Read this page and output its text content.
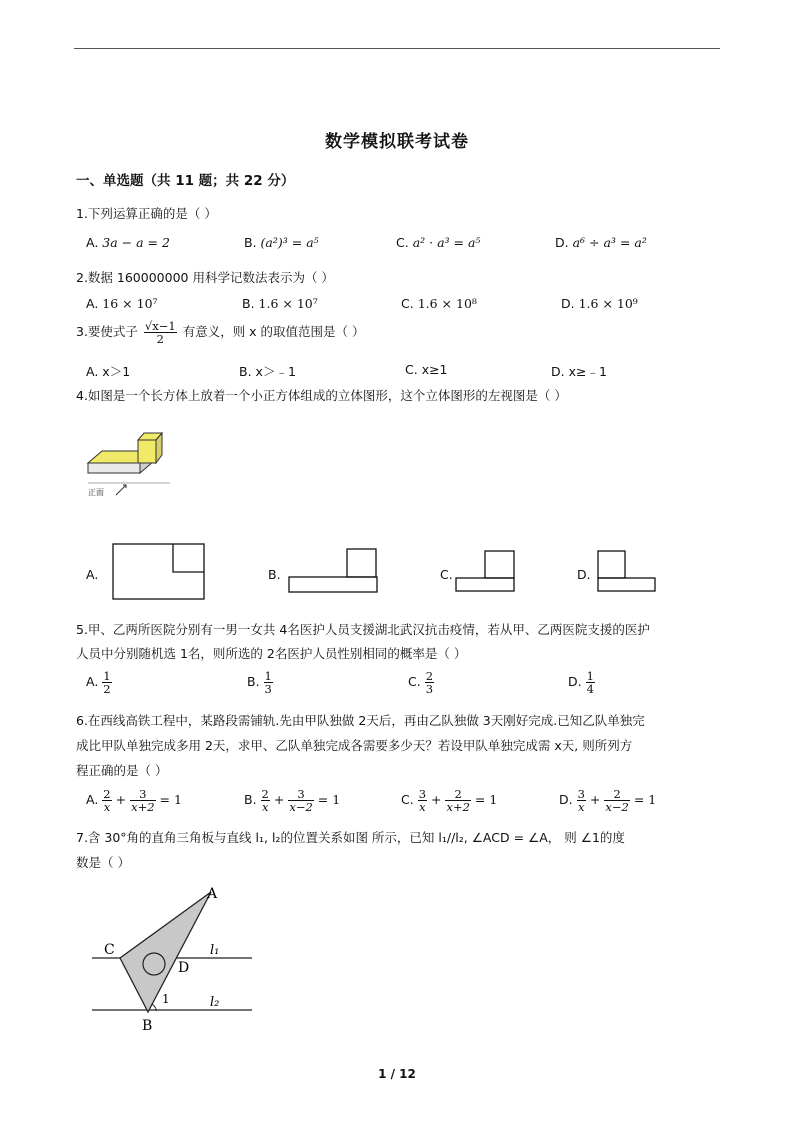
数学模拟联考试卷
一、单选题（共 11 题；共 22 分）
1.下列运算正确的是（ ）
A. 3a − a = 2	B. (a²)³ = a⁵	C. a² · a³ = a⁵	D. a⁶ ÷ a³ = a²
2.数据 160000000 用科学记数法表示为（ ）
A. 16 × 10⁷	B. 1.6 × 10⁷	C. 1.6 × 10⁸	D. 1.6 × 10⁹
3.要使式子 $\frac{√x-1}{2}$ 有意义，则 x 的取值范围是（ ）
A. x＞1	B. x＞﹣1	C. x≥1	D. x≥﹣1
4.如图是一个长方体上放着一个小正方体组成的立体图形，这个立体图形的左视图是（ ）
正面
A.	B.	C.	D.
5.甲、乙两所医院分别有一男一女共 4名医护人员支援湖北武汉抗击疫情，若从甲、乙两医院支援的医护
人员中分别随机选 1名，则所选的 2名医护人员性别相同的概率是（ ）
A. $\frac{1}{2}$	B. $\frac{1}{3}$	C. $\frac{2}{3}$	D. $\frac{1}{4}$
6.在西线高铁工程中，某路段需铺轨.先由甲队独做 2天后，再由乙队独做 3天刚好完成.已知乙队单独完
成比甲队单独完成多用 2天，求甲、乙队单独完成各需要多少天？若设甲队单独完成需 x天, 则所列方
程正确的是（ ）
A. $\frac{2}{x} + \frac{3}{x+2} = 1$	B. $\frac{2}{x} + \frac{3}{x-2} = 1$	C. $\frac{3}{x} + \frac{2}{x+2} = 1$	D. $\frac{3}{x} + \frac{2}{x-2} = 1$
7.含 30°角的直角三角板与直线 l₁, l₂的位置关系如图 所示，已知 l₁//l₂, ∠ACD = ∠A， 则 ∠1的度
数是（ ）
A
C
D
1
l₁
l₂
B
1 / 12
